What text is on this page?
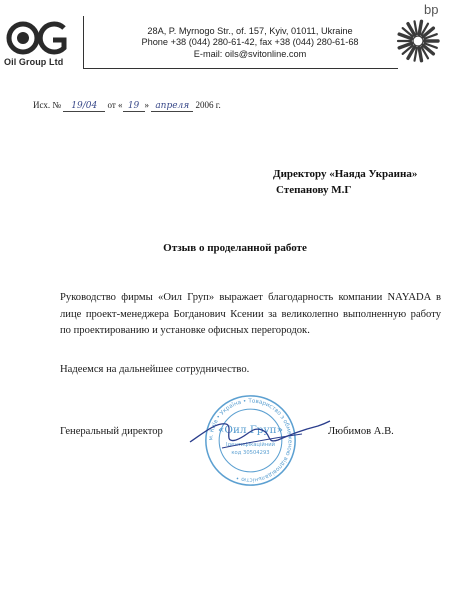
Oil Group Ltd
28A, P. Myrnogo Str., of. 157, Kyiv, 01011, Ukraine
Phone +38 (044) 280-61-42, fax +38 (044) 280-61-68
E-mail: oils@svitonline.com
bp
Исх. № 19/04 от « 19 » апреля 2006 г.
Директору «Наяда Украина»
Степанову М.Г
Отзыв о проделанной работе

Руководство фирмы «Оил Груп» выражает благодарность компании NAYADA в лице проект-менеджера Богданович Ксении за великолепно выполненную работу по проектированию и установке офисных перегородок.

Надеемся на дальнейшее сотрудничество.
Генеральный директор	Любимов А.В.
м. Київ • Україна • Товариство з обмеженою відповідальністю •
«Оил Груп»
Ідентифікаційний
код 30504293
